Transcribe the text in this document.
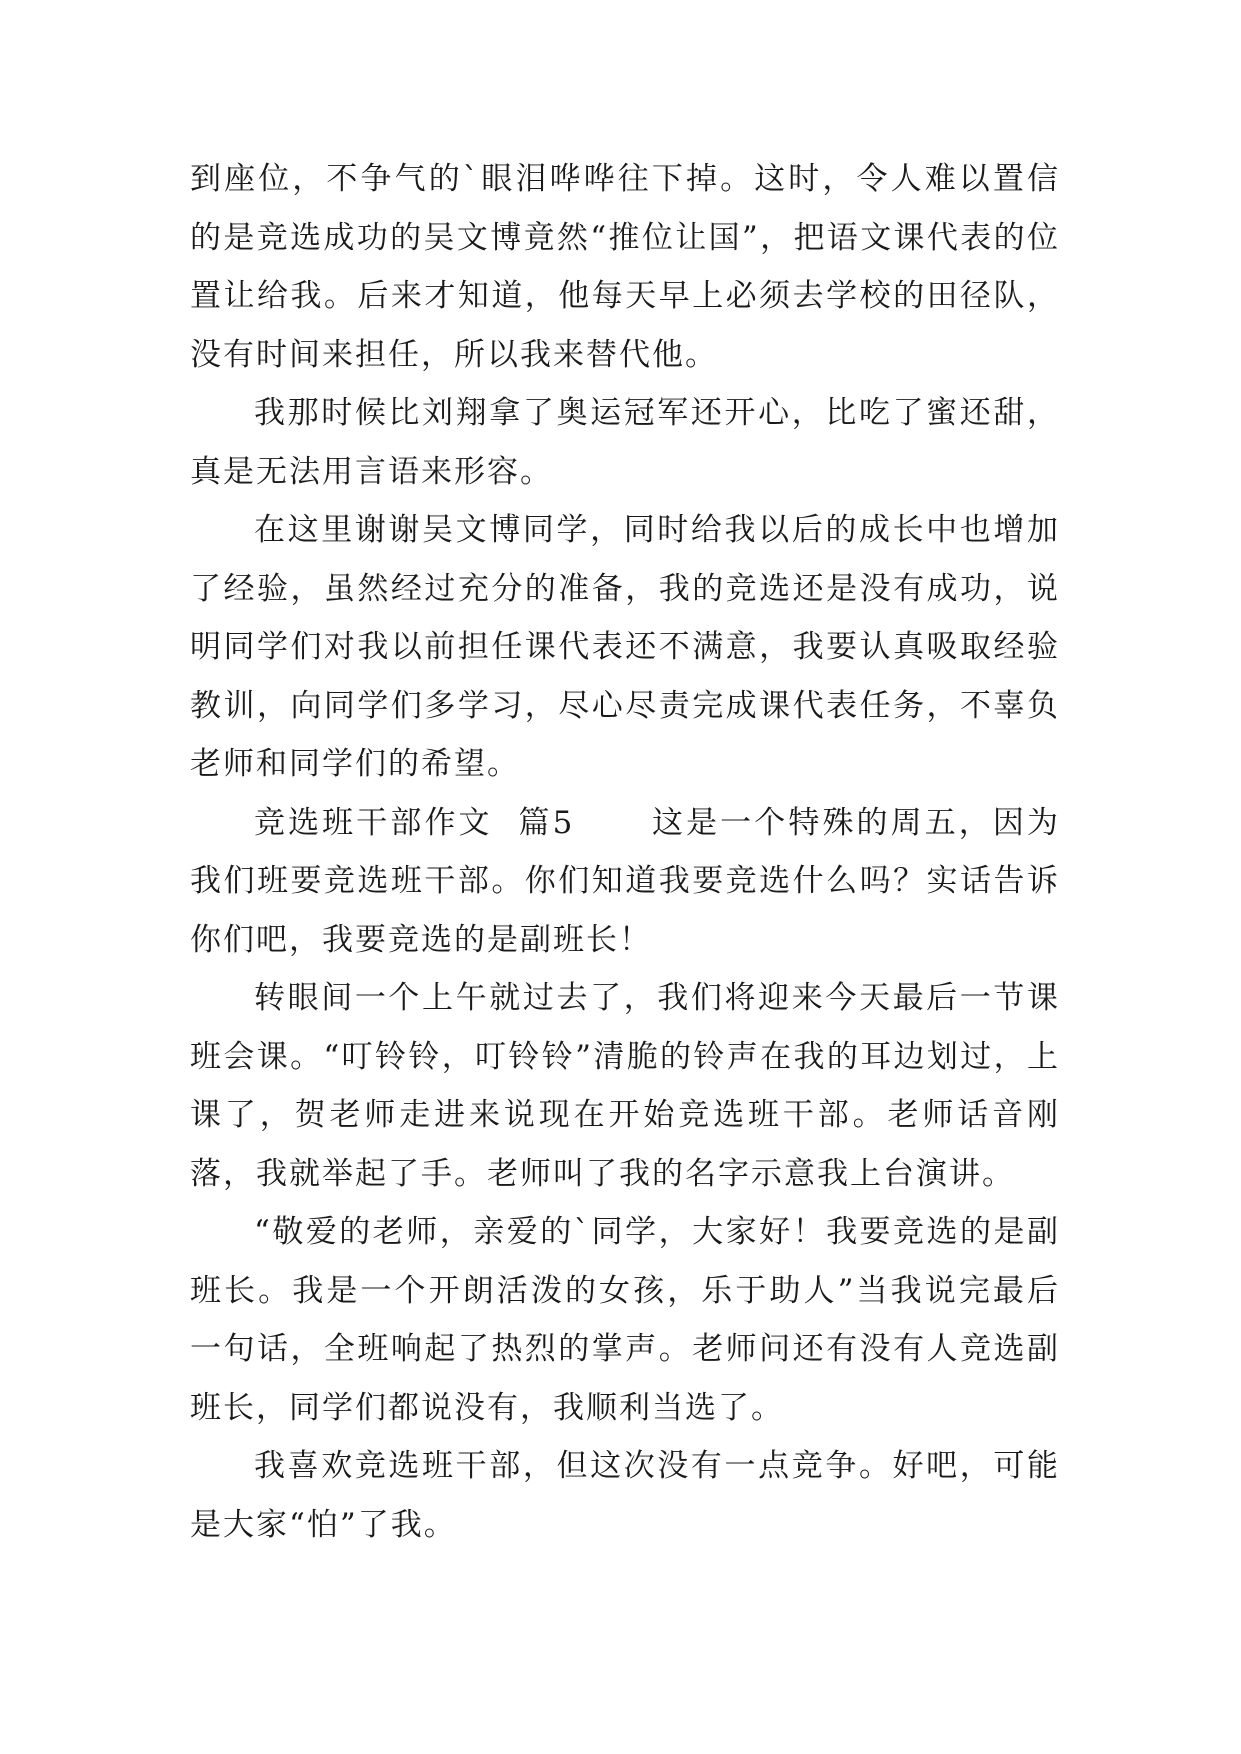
到座位，不争气的`眼泪哗哗往下掉。这时，令人难以置信的是竞选成功的吴文博竟然“推位让国”，把语文课代表的位置让给我。后来才知道，他每天早上必须去学校的田径队，没有时间来担任，所以我来替代他。

我那时候比刘翔拿了奥运冠军还开心，比吃了蜜还甜，真是无法用言语来形容。

在这里谢谢吴文博同学，同时给我以后的成长中也增加了经验，虽然经过充分的准备，我的竞选还是没有成功，说明同学们对我以前担任课代表还不满意，我要认真吸取经验教训，向同学们多学习，尽心尽责完成课代表任务，不辜负老师和同学们的希望。

竞选班干部作文  篇5      这是一个特殊的周五，因为我们班要竞选班干部。你们知道我要竞选什么吗？实话告诉你们吧，我要竞选的是副班长！

转眼间一个上午就过去了，我们将迎来今天最后一节课班会课。“叮铃铃，叮铃铃”清脆的铃声在我的耳边划过，上课了，贺老师走进来说现在开始竞选班干部。老师话音刚落，我就举起了手。老师叫了我的名字示意我上台演讲。

“敬爱的老师，亲爱的`同学，大家好！我要竞选的是副班长。我是一个开朗活泼的女孩，乐于助人”当我说完最后一句话，全班响起了热烈的掌声。老师问还有没有人竞选副班长，同学们都说没有，我顺利当选了。

我喜欢竞选班干部，但这次没有一点竞争。好吧，可能是大家“怕”了我。
